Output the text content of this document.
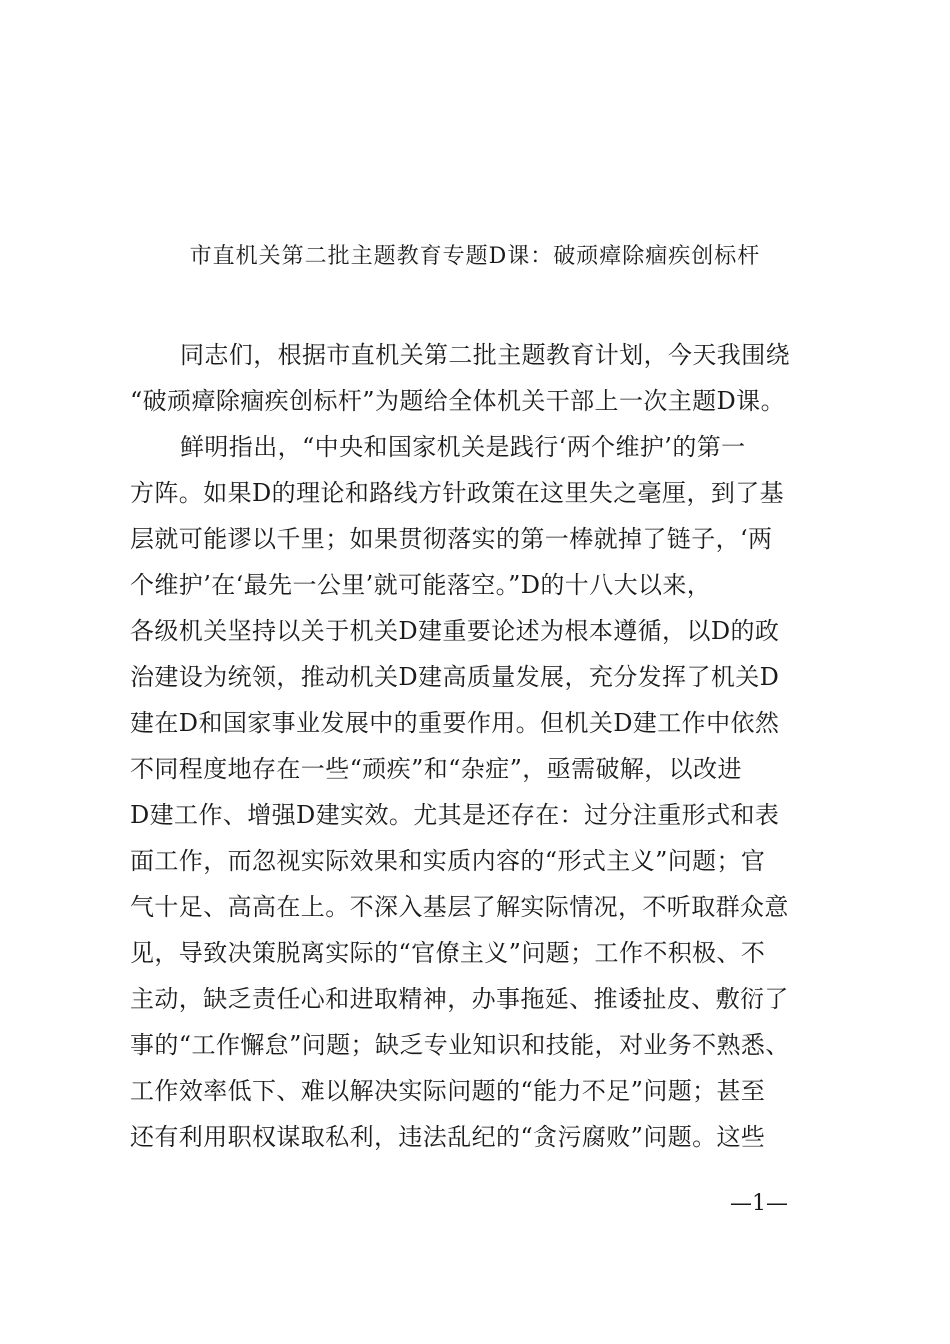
市直机关第二批主题教育专题D课：破顽瘴除痼疾创标杆
同志们，根据市直机关第二批主题教育计划，今天我围绕
“破顽瘴除痼疾创标杆”为题给全体机关干部上一次主题D课。
鲜明指出，“中央和国家机关是践行‘两个维护’的第一
方阵。如果D的理论和路线方针政策在这里失之毫厘，到了基
层就可能谬以千里；如果贯彻落实的第一棒就掉了链子，‘两
个维护’在‘最先一公里’就可能落空。”D的十八大以来，
各级机关坚持以关于机关D建重要论述为根本遵循，以D的政
治建设为统领，推动机关D建高质量发展，充分发挥了机关D
建在D和国家事业发展中的重要作用。但机关D建工作中依然
不同程度地存在一些“顽疾”和“杂症”，亟需破解，以改进
D建工作、增强D建实效。尤其是还存在：过分注重形式和表
面工作，而忽视实际效果和实质内容的“形式主义”问题；官
气十足、高高在上。不深入基层了解实际情况，不听取群众意
见，导致决策脱离实际的“官僚主义”问题；工作不积极、不
主动，缺乏责任心和进取精神，办事拖延、推诿扯皮、敷衍了
事的“工作懈怠”问题；缺乏专业知识和技能，对业务不熟悉、
工作效率低下、难以解决实际问题的“能力不足”问题；甚至
还有利用职权谋取私利，违法乱纪的“贪污腐败”问题。这些
—1—
